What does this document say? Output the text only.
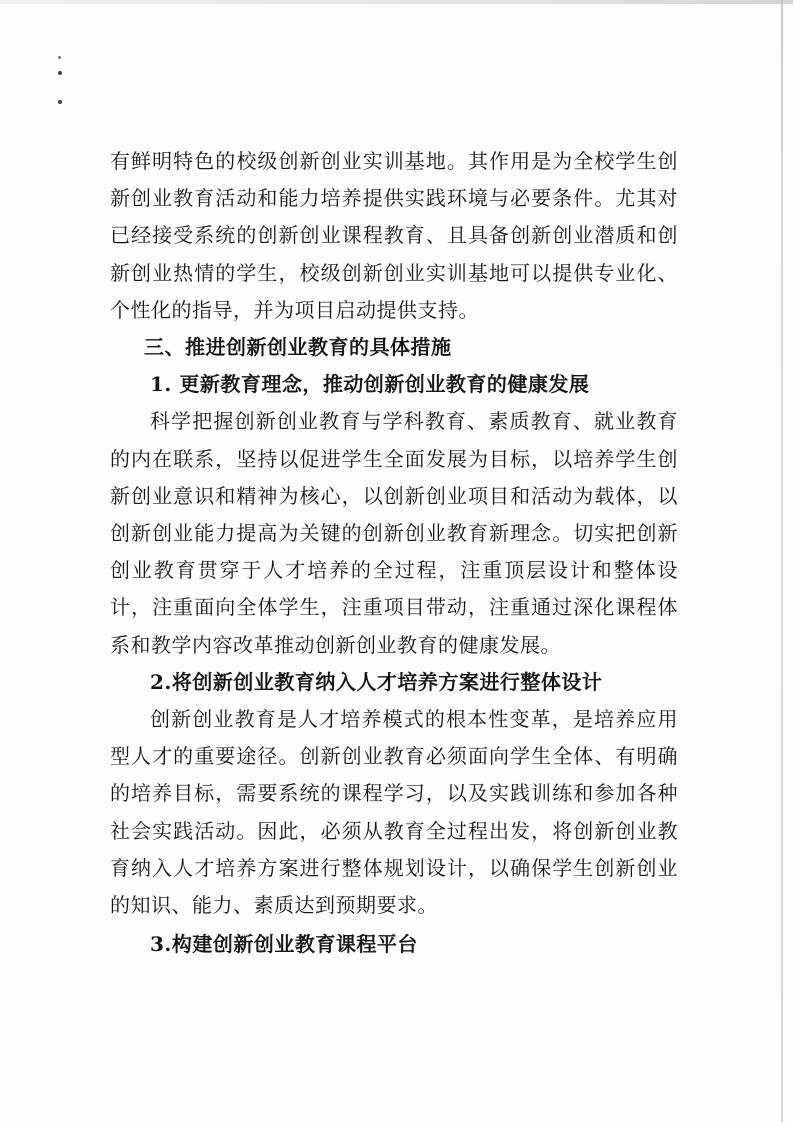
有鲜明特色的校级创新创业实训基地。其作用是为全校学生创新创业教育活动和能力培养提供实践环境与必要条件。尤其对已经接受系统的创新创业课程教育、且具备创新创业潜质和创新创业热情的学生，校级创新创业实训基地可以提供专业化、个性化的指导，并为项目启动提供支持。

三、推进创新创业教育的具体措施

1. 更新教育理念，推动创新创业教育的健康发展

科学把握创新创业教育与学科教育、素质教育、就业教育的内在联系，坚持以促进学生全面发展为目标，以培养学生创新创业意识和精神为核心，以创新创业项目和活动为载体，以创新创业能力提高为关键的创新创业教育新理念。切实把创新创业教育贯穿于人才培养的全过程，注重顶层设计和整体设计，注重面向全体学生，注重项目带动，注重通过深化课程体系和教学内容改革推动创新创业教育的健康发展。

2.将创新创业教育纳入人才培养方案进行整体设计

创新创业教育是人才培养模式的根本性变革，是培养应用型人才的重要途径。创新创业教育必须面向学生全体、有明确的培养目标，需要系统的课程学习，以及实践训练和参加各种社会实践活动。因此，必须从教育全过程出发，将创新创业教育纳入人才培养方案进行整体规划设计，以确保学生创新创业的知识、能力、素质达到预期要求。

3.构建创新创业教育课程平台
